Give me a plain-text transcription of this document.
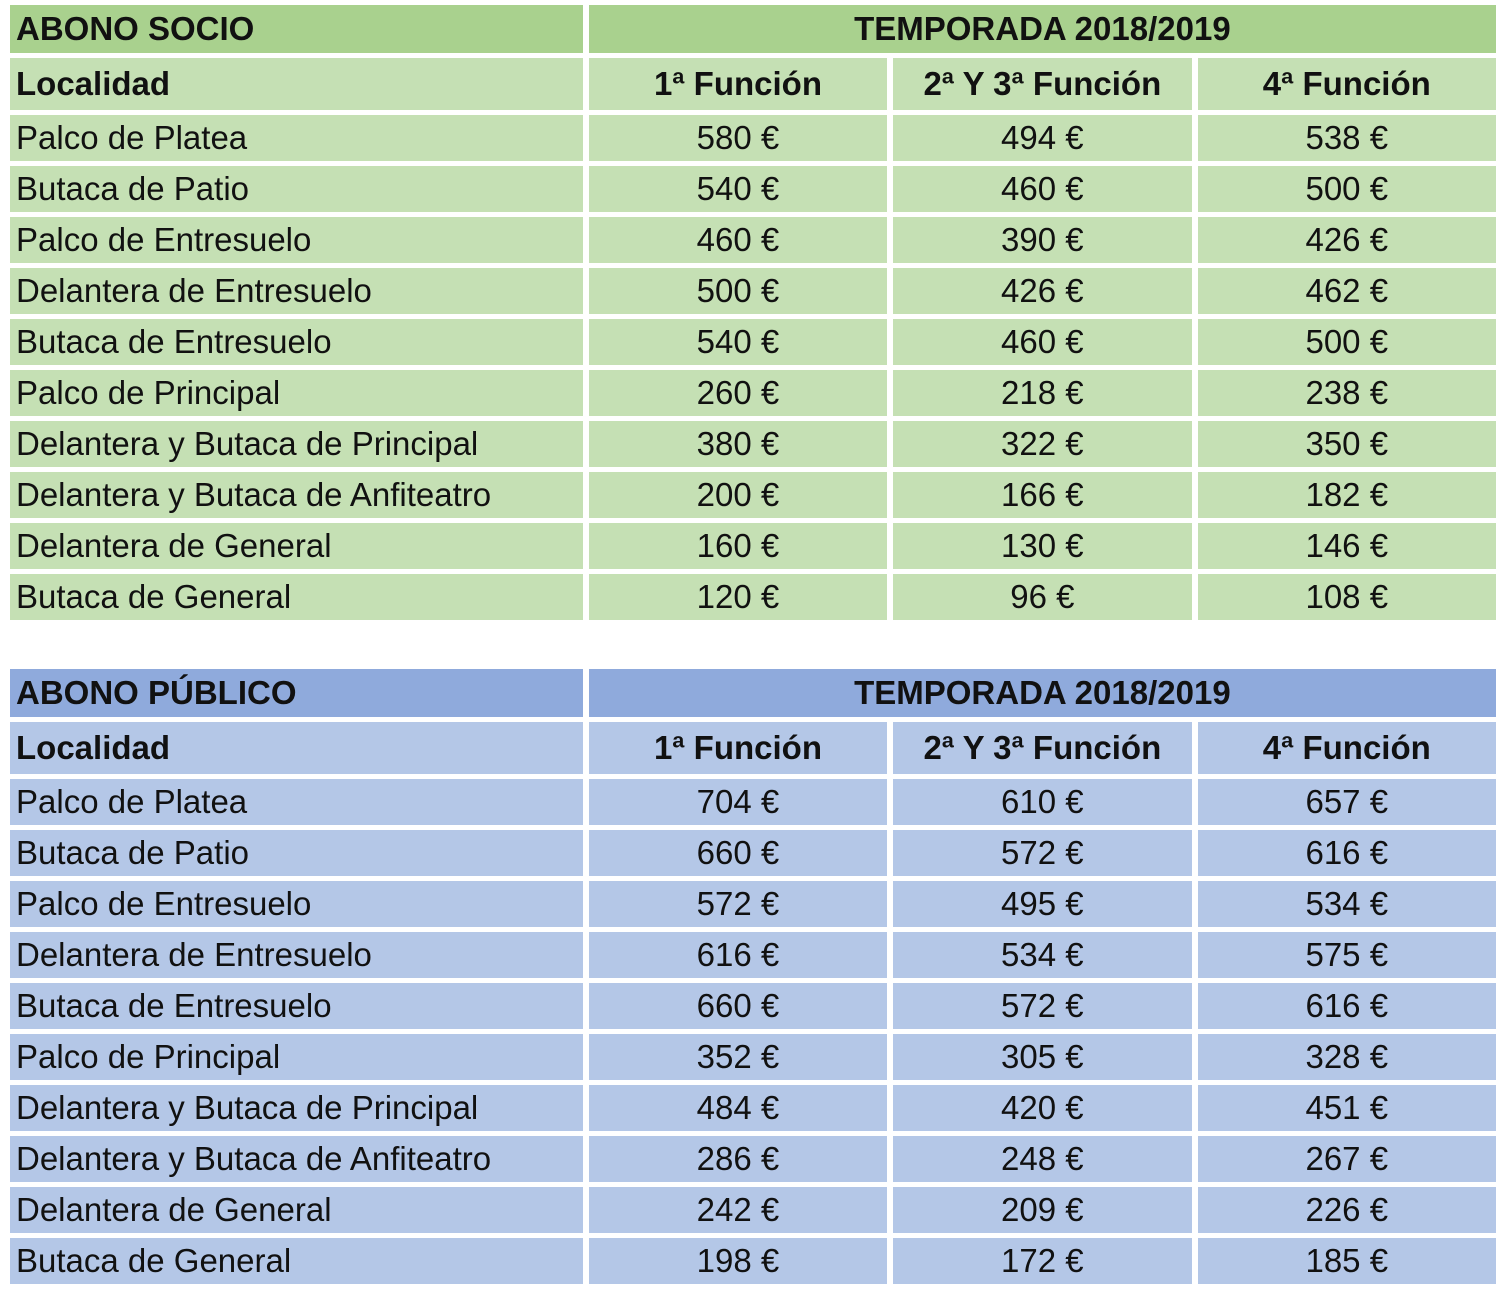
ABONO SOCIO	TEMPORADA 2018/2019		
Localidad	1ª Función	2ª Y 3ª Función	4ª Función
Palco de Platea	580 €	494 €	538 €
Butaca de Patio	540 €	460 €	500 €
Palco de Entresuelo	460 €	390 €	426 €
Delantera de Entresuelo	500 €	426 €	462 €
Butaca de Entresuelo	540 €	460 €	500 €
Palco de Principal	260 €	218 €	238 €
Delantera y Butaca de Principal	380 €	322 €	350 €
Delantera y Butaca de Anfiteatro	200 €	166 €	182 €
Delantera de General	160 €	130 €	146 €
Butaca de General	120 €	96 €	108 €
ABONO PÚBLICO	TEMPORADA 2018/2019		
Localidad	1ª Función	2ª Y 3ª Función	4ª Función
Palco de Platea	704 €	610 €	657 €
Butaca de Patio	660 €	572 €	616 €
Palco de Entresuelo	572 €	495 €	534 €
Delantera de Entresuelo	616 €	534 €	575 €
Butaca de Entresuelo	660 €	572 €	616 €
Palco de Principal	352 €	305 €	328 €
Delantera y Butaca de Principal	484 €	420 €	451 €
Delantera y Butaca de Anfiteatro	286 €	248 €	267 €
Delantera de General	242 €	209 €	226 €
Butaca de General	198 €	172 €	185 €
